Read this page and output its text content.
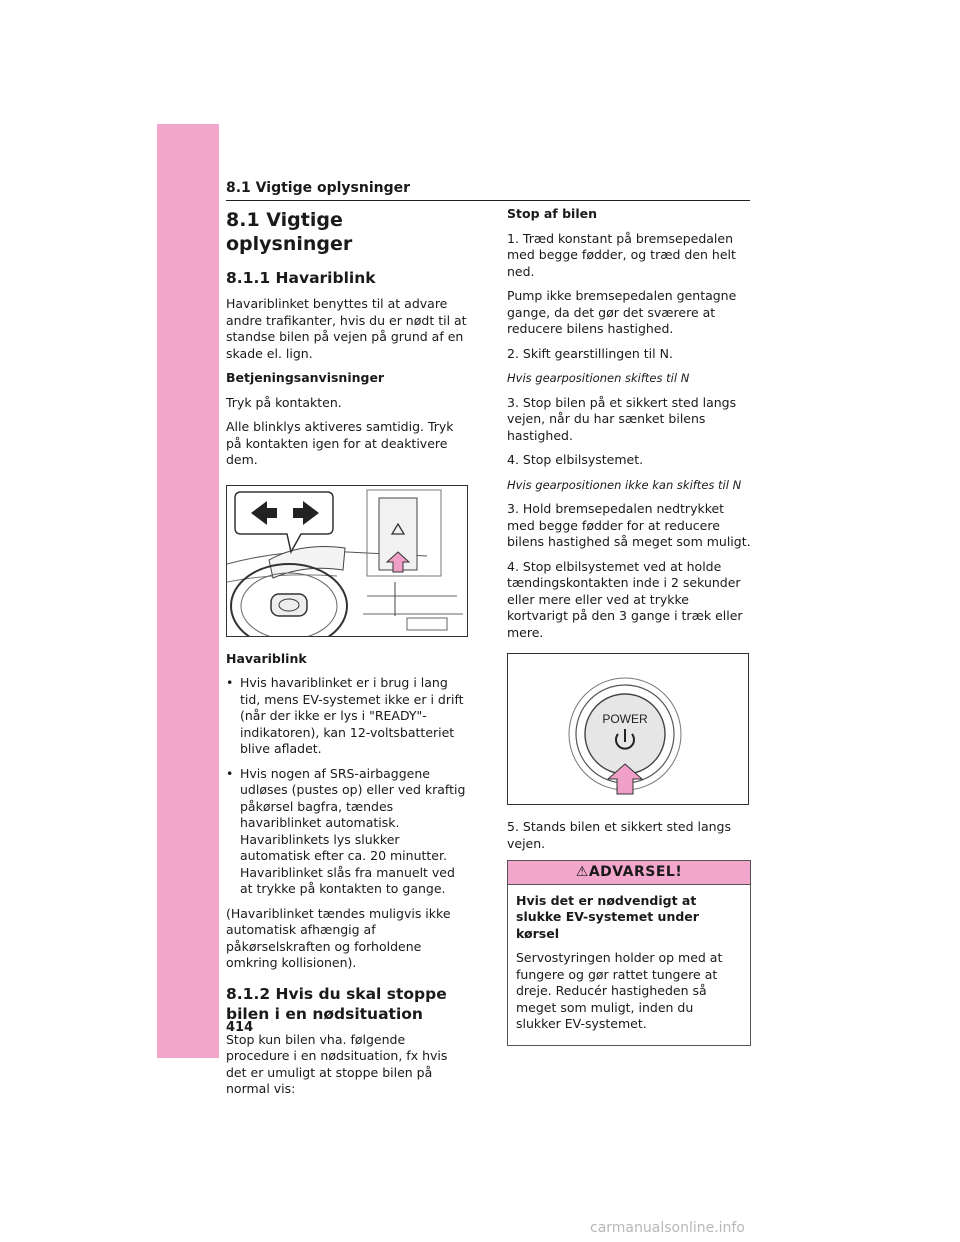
8.1 Vigtige oplysninger
8.1 Vigtige oplysninger
8.1.1 Havariblink

Havariblinket benyttes til at advare andre trafikanter, hvis du er nødt til at standse bilen på vejen på grund af en skade el. lign.

Betjeningsanvisninger

Tryk på kontakten.

Alle blinklys aktiveres samtidig. Tryk på kontakten igen for at deaktivere dem.

Havariblink

• Hvis havariblinket er i brug i lang tid, mens EV-systemet ikke er i drift (når der ikke er lys i "READY"-indikatoren), kan 12-voltsbatteriet blive afladet.
• Hvis nogen af SRS-airbaggene udløses (pustes op) eller ved kraftig påkørsel bagfra, tændes havariblinket automatisk. Havariblinkets lys slukker automatisk efter ca. 20 minutter. Havariblinket slås fra manuelt ved at trykke på kontakten to gange.

(Havariblinket tændes muligvis ikke automatisk afhængig af påkørselskraften og forholdene omkring kollisionen).

8.1.2 Hvis du skal stoppe bilen i en nødsituation

Stop kun bilen vha. følgende procedure i en nødsituation, fx hvis det er umuligt at stoppe bilen på normal vis:

Stop af bilen

1. Træd konstant på bremsepedalen med begge fødder, og træd den helt ned.

Pump ikke bremsepedalen gentagne gange, da det gør det sværere at reducere bilens hastighed.

2. Skift gearstillingen til N.

Hvis gearpositionen skiftes til N

3. Stop bilen på et sikkert sted langs vejen, når du har sænket bilens hastighed.

4. Stop elbilsystemet.

Hvis gearpositionen ikke kan skiftes til N

3. Hold bremsepedalen nedtrykket med begge fødder for at reducere bilens hastighed så meget som muligt.

4. Stop elbilsystemet ved at holde tændingskontakten inde i 2 sekunder eller mere eller ved at trykke kortvarigt på den 3 gange i træk eller mere.

POWER

5. Stands bilen et sikkert sted langs vejen.

⚠ADVARSEL!

Hvis det er nødvendigt at slukke EV-systemet under kørsel

Servostyringen holder op med at fungere og gør rattet tungere at dreje. Reducér hastigheden så meget som muligt, inden du slukker EV-systemet.

414
carmanualsonline.info
